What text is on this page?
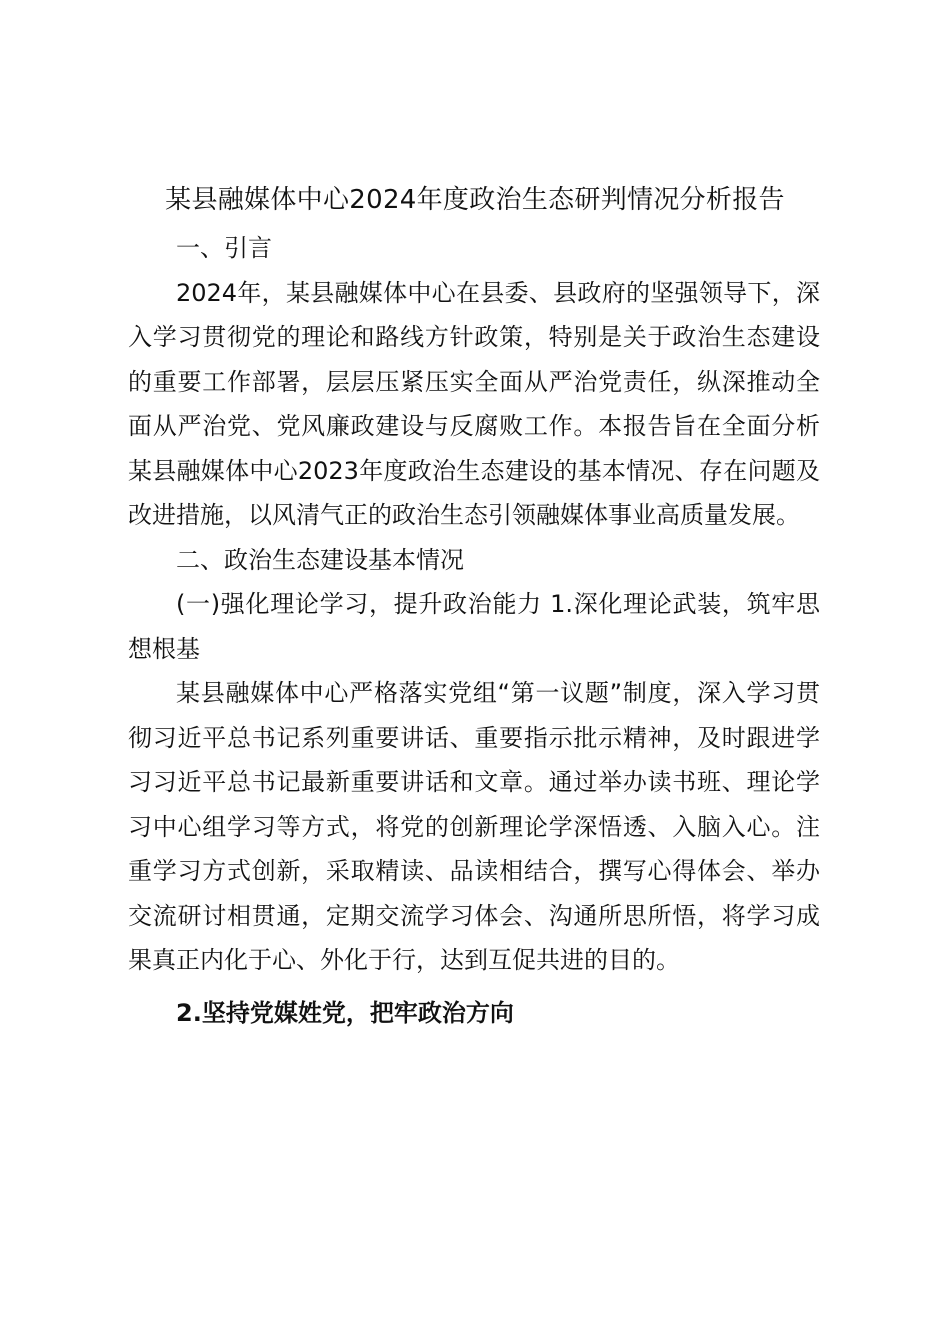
某县融媒体中心2024年度政治生态研判情况分析报告

一、引言

2024年，某县融媒体中心在县委、县政府的坚强领导下，深入学习贯彻党的理论和路线方针政策，特别是关于政治生态建设的重要工作部署，层层压紧压实全面从严治党责任，纵深推动全面从严治党、党风廉政建设与反腐败工作。本报告旨在全面分析某县融媒体中心2023年度政治生态建设的基本情况、存在问题及改进措施，以风清气正的政治生态引领融媒体事业高质量发展。

二、政治生态建设基本情况

(一)强化理论学习，提升政治能力 1.深化理论武装，筑牢思想根基

某县融媒体中心严格落实党组“第一议题”制度，深入学习贯彻习近平总书记系列重要讲话、重要指示批示精神，及时跟进学习习近平总书记最新重要讲话和文章。通过举办读书班、理论学习中心组学习等方式，将党的创新理论学深悟透、入脑入心。注重学习方式创新，采取精读、品读相结合，撰写心得体会、举办交流研讨相贯通，定期交流学习体会、沟通所思所悟，将学习成果真正内化于心、外化于行，达到互促共进的目的。

2.坚持党媒姓党，把牢政治方向
